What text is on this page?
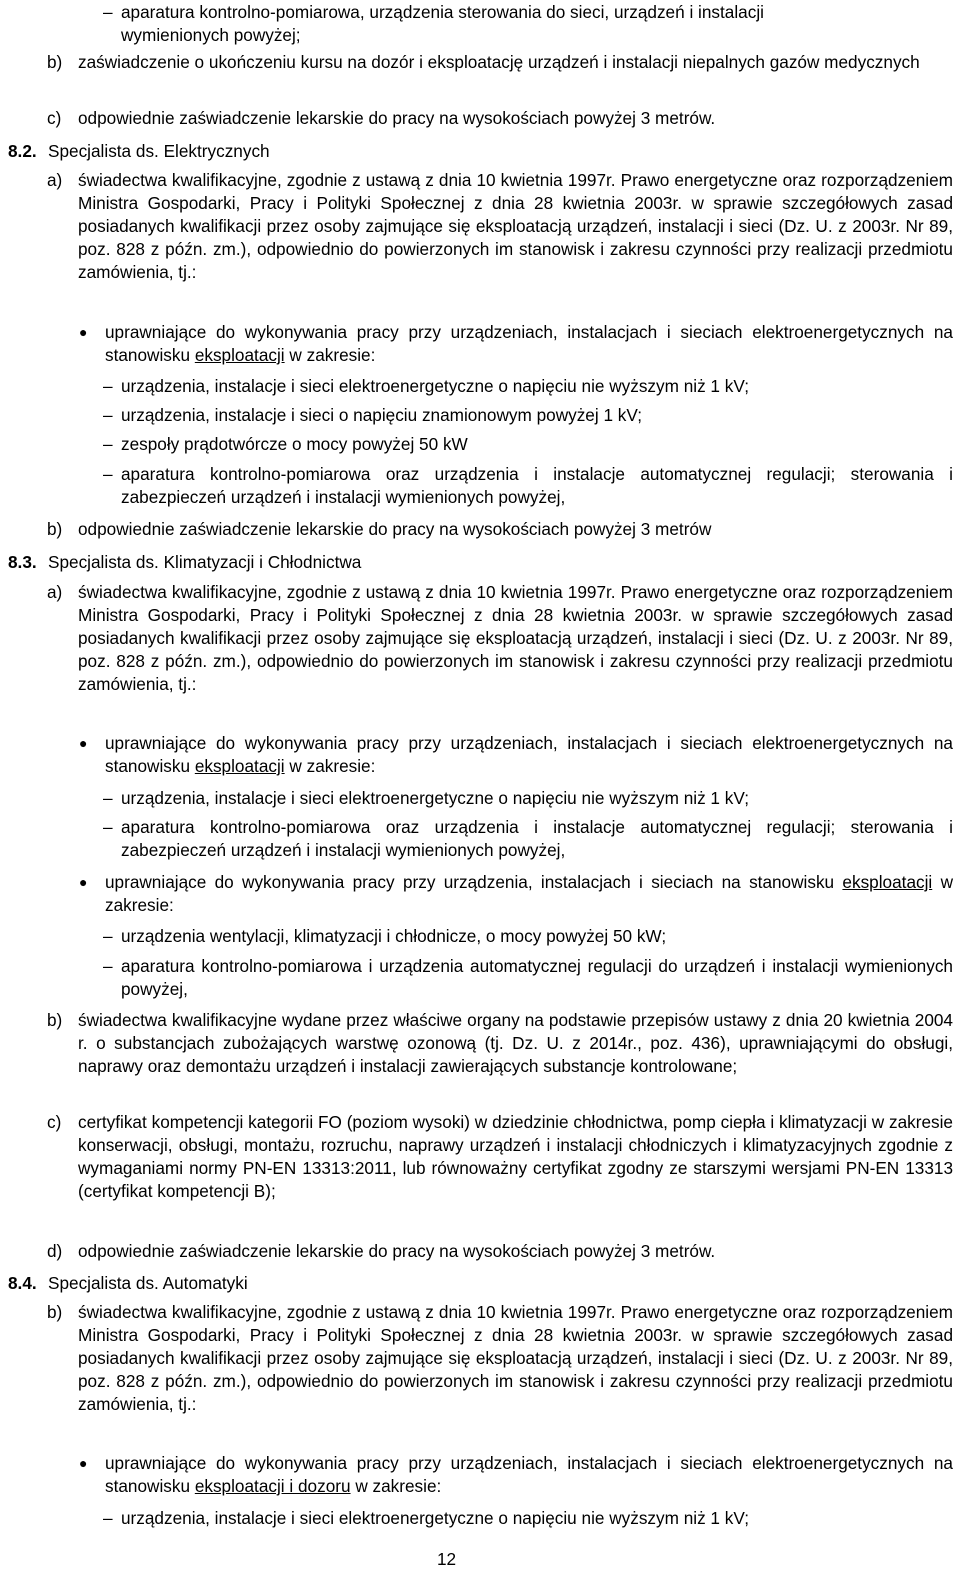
– aparatura kontrolno-pomiarowa, urządzenia sterowania do sieci, urządzeń i instalacji
wymienionych powyżej;
b) zaświadczenie o ukończeniu kursu na dozór i eksploatację urządzeń i instalacji niepalnych gazów medycznych
c) odpowiednie zaświadczenie lekarskie do pracy na wysokościach powyżej 3 metrów.
8.2. Specjalista ds. Elektrycznych
a) świadectwa kwalifikacyjne, zgodnie z ustawą z dnia 10 kwietnia 1997r. Prawo energetyczne oraz rozporządzeniem Ministra Gospodarki, Pracy i Polityki Społecznej z dnia 28 kwietnia 2003r. w sprawie szczegółowych zasad posiadanych kwalifikacji przez osoby zajmujące się eksploatacją urządzeń, instalacji i sieci (Dz. U. z 2003r. Nr 89, poz. 828 z późn. zm.), odpowiednio do powierzonych im stanowisk i zakresu czynności przy realizacji przedmiotu zamówienia, tj.:
● uprawniające do wykonywania pracy przy urządzeniach, instalacjach i sieciach elektroenergetycznych na stanowisku eksploatacji w zakresie:
– urządzenia, instalacje i sieci elektroenergetyczne o napięciu nie wyższym niż 1 kV;
– urządzenia, instalacje i sieci o napięciu znamionowym powyżej 1 kV;
– zespoły prądotwórcze o mocy powyżej 50 kW
– aparatura kontrolno-pomiarowa oraz urządzenia i instalacje automatycznej regulacji; sterowania i zabezpieczeń urządzeń i instalacji wymienionych powyżej,
b) odpowiednie zaświadczenie lekarskie do pracy na wysokościach powyżej 3 metrów
8.3. Specjalista ds. Klimatyzacji i Chłodnictwa
a) świadectwa kwalifikacyjne, zgodnie z ustawą z dnia 10 kwietnia 1997r. Prawo energetyczne oraz rozporządzeniem Ministra Gospodarki, Pracy i Polityki Społecznej z dnia 28 kwietnia 2003r. w sprawie szczegółowych zasad posiadanych kwalifikacji przez osoby zajmujące się eksploatacją urządzeń, instalacji i sieci (Dz. U. z 2003r. Nr 89, poz. 828 z późn. zm.), odpowiednio do powierzonych im stanowisk i zakresu czynności przy realizacji przedmiotu zamówienia, tj.:
● uprawniające do wykonywania pracy przy urządzeniach, instalacjach i sieciach elektroenergetycznych na stanowisku eksploatacji w zakresie:
– urządzenia, instalacje i sieci elektroenergetyczne o napięciu nie wyższym niż 1 kV;
– aparatura kontrolno-pomiarowa oraz urządzenia i instalacje automatycznej regulacji; sterowania i zabezpieczeń urządzeń i instalacji wymienionych powyżej,
● uprawniające do wykonywania pracy przy urządzenia, instalacjach i sieciach na stanowisku eksploatacji w zakresie:
– urządzenia wentylacji, klimatyzacji i chłodnicze, o mocy powyżej 50 kW;
– aparatura kontrolno-pomiarowa i urządzenia automatycznej regulacji do urządzeń i instalacji wymienionych powyżej,
b) świadectwa kwalifikacyjne wydane przez właściwe organy na podstawie przepisów ustawy z dnia 20 kwietnia 2004 r. o substancjach zubożających warstwę ozonową (tj. Dz. U. z 2014r., poz. 436), uprawniającymi do obsługi, naprawy oraz demontażu urządzeń i instalacji zawierających substancje kontrolowane;
c) certyfikat kompetencji kategorii FO (poziom wysoki) w dziedzinie chłodnictwa, pomp ciepła i klimatyzacji w zakresie konserwacji, obsługi, montażu, rozruchu, naprawy urządzeń i instalacji chłodniczych i klimatyzacyjnych zgodnie z wymaganiami normy PN-EN 13313:2011, lub równoważny certyfikat zgodny ze starszymi wersjami PN-EN 13313 (certyfikat kompetencji B);
d) odpowiednie zaświadczenie lekarskie do pracy na wysokościach powyżej 3 metrów.
8.4. Specjalista ds. Automatyki
b) świadectwa kwalifikacyjne, zgodnie z ustawą z dnia 10 kwietnia 1997r. Prawo energetyczne oraz rozporządzeniem Ministra Gospodarki, Pracy i Polityki Społecznej z dnia 28 kwietnia 2003r. w sprawie szczegółowych zasad posiadanych kwalifikacji przez osoby zajmujące się eksploatacją urządzeń, instalacji i sieci (Dz. U. z 2003r. Nr 89, poz. 828 z późn. zm.), odpowiednio do powierzonych im stanowisk i zakresu czynności przy realizacji przedmiotu zamówienia, tj.:
● uprawniające do wykonywania pracy przy urządzeniach, instalacjach i sieciach elektroenergetycznych na stanowisku eksploatacji i dozoru w zakresie:
– urządzenia, instalacje i sieci elektroenergetyczne o napięciu nie wyższym niż 1 kV;
12
